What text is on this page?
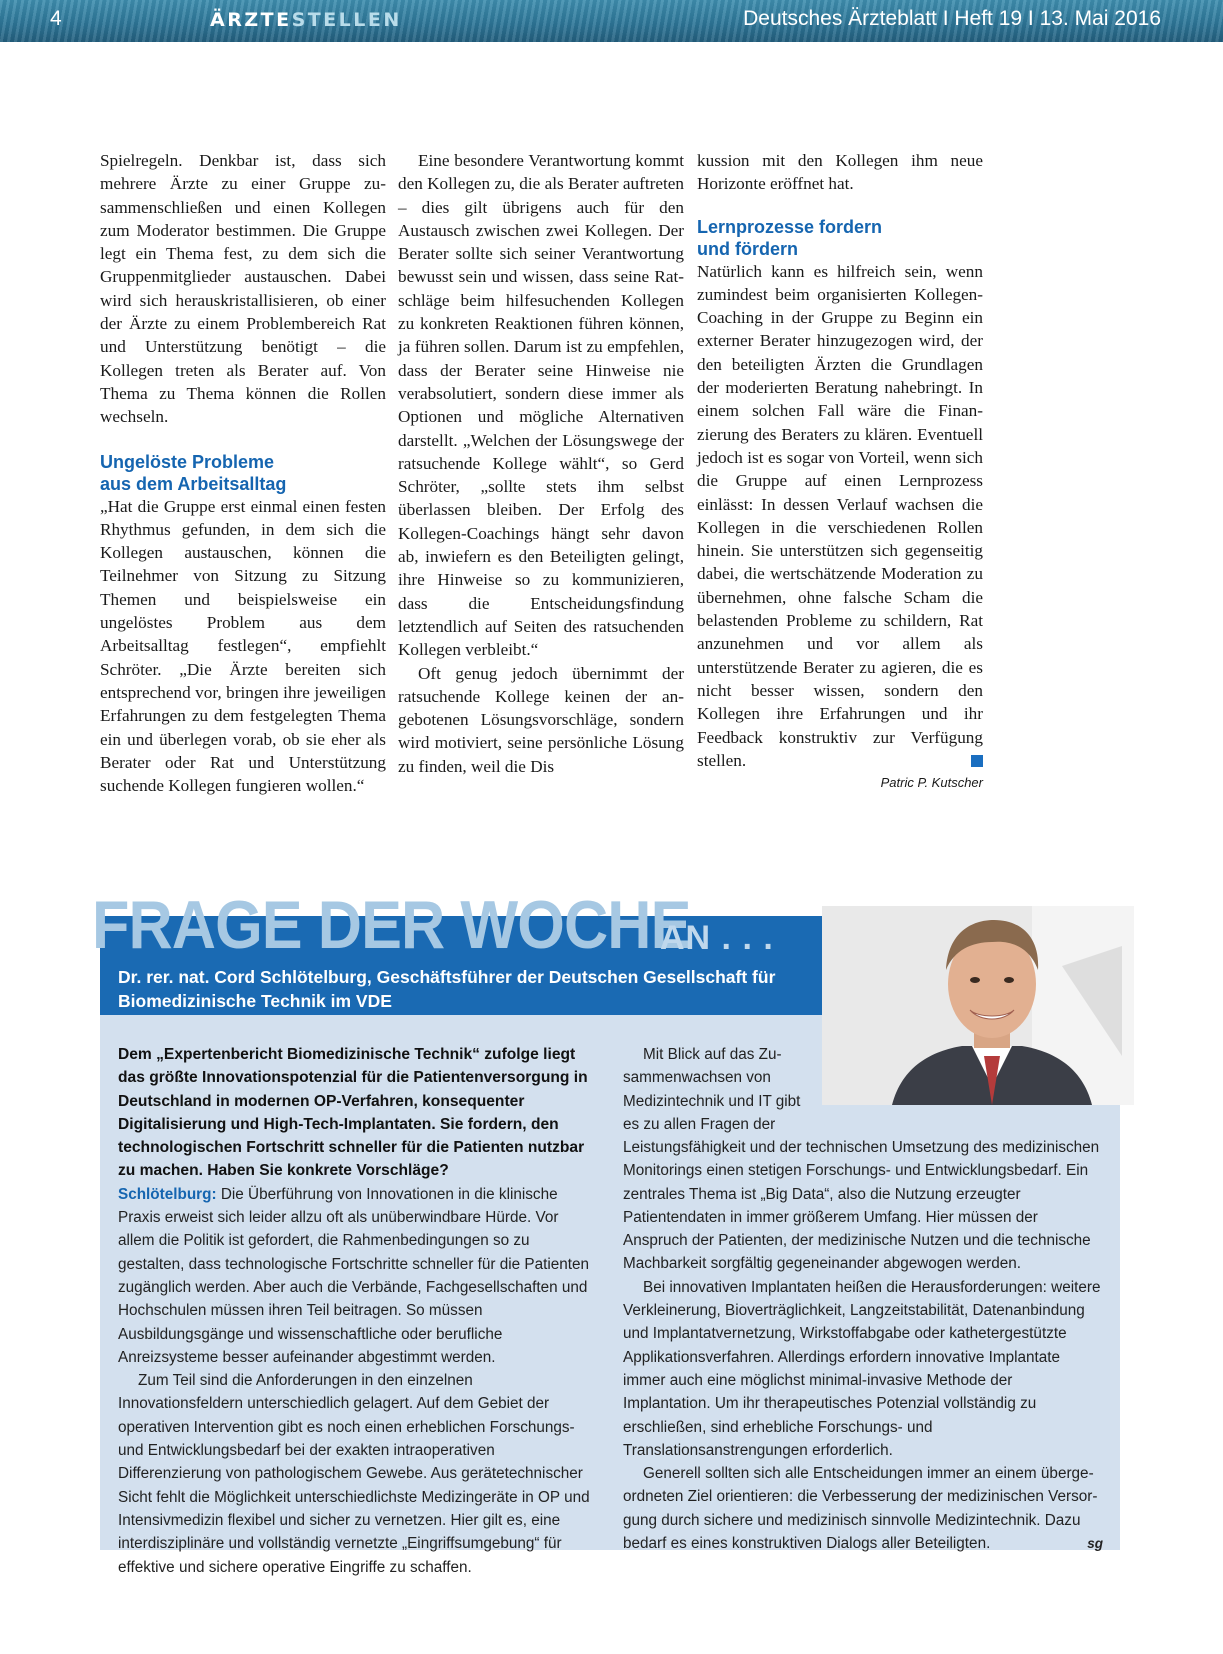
4	ÄRZTESTELLEN	Deutsches Ärzteblatt I Heft 19 I 13. Mai 2016

Spielregeln. Denkbar ist, dass sich mehrere Ärzte zu einer Gruppe zusammenschließen und einen Kollegen zum Moderator bestimmen. Die Gruppe legt ein Thema fest, zu dem sich die Gruppenmitglieder austauschen. Dabei wird sich herauskristallisieren, ob einer der Ärzte zu einem Problembereich Rat und Unterstützung benötigt – die Kollegen treten als Berater auf. Von Thema zu Thema können die Rollen wechseln.

Ungelöste Probleme
aus dem Arbeitsalltag

„Hat die Gruppe erst einmal einen festen Rhythmus gefunden, in dem sich die Kollegen austauschen, können die Teilnehmer von Sitzung zu Sitzung Themen und beispielsweise ein ungelöstes Problem aus dem Arbeitsalltag festlegen“, empfiehlt Schröter. „Die Ärzte bereiten sich entsprechend vor, bringen ihre jeweiligen Erfahrungen zu dem festgelegten Thema ein und überlegen vorab, ob sie eher als Berater oder Rat und Unterstützung suchende Kollegen fungieren wollen.“

Eine besondere Verantwortung kommt den Kollegen zu, die als Berater auftreten – dies gilt übrigens auch für den Austausch zwischen zwei Kollegen. Der Berater sollte sich seiner Verantwortung bewusst sein und wissen, dass seine Ratschläge beim hilfesuchenden Kollegen zu konkreten Reaktionen führen können, ja führen sollen. Darum ist zu empfehlen, dass der Berater seine Hinweise nie verabsolutiert, sondern diese immer als Optionen und mögliche Alternativen darstellt. „Welchen der Lösungswege der ratsuchende Kollege wählt“, so Gerd Schröter, „sollte stets ihm selbst überlassen bleiben. Der Erfolg des Kollegen-Coachings hängt sehr davon ab, inwiefern es den Beteiligten gelingt, ihre Hinweise so zu kommunizieren, dass die Entscheidungsfindung letztendlich auf Seiten des ratsuchenden Kollegen verbleibt.“

Oft genug jedoch übernimmt der ratsuchende Kollege keinen der angebotenen Lösungsvorschläge, sondern wird motiviert, seine persönliche Lösung zu finden, weil die Dis

kussion mit den Kollegen ihm neue Horizonte eröffnet hat.

Lernprozesse fordern
und fördern

Natürlich kann es hilfreich sein, wenn zumindest beim organisierten Kollegen-Coaching in der Gruppe zu Beginn ein externer Berater hinzugezogen wird, der den beteiligten Ärzten die Grundlagen der moderierten Beratung nahebringt. In einem solchen Fall wäre die Finanzierung des Beraters zu klären. Eventuell jedoch ist es sogar von Vorteil, wenn sich die Gruppe auf einen Lernprozess einlässt: In dessen Verlauf wachsen die Kollegen in die verschiedenen Rollen hinein. Sie unterstützen sich gegenseitig dabei, die wertschätzende Moderation zu übernehmen, ohne falsche Scham die belastenden Probleme zu schildern, Rat anzunehmen und vor allem als unterstützende Berater zu agieren, die es nicht besser wissen, sondern den Kollegen ihre Erfahrungen und ihr Feedback konstruktiv zur Verfügung stellen.

Patric P. Kutscher
FRAGE DER WOCHE
AN . . .
Dr. rer. nat. Cord Schlötelburg, Geschäftsführer der Deutschen Gesellschaft für
Biomedizinische Technik im VDE

Dem „Expertenbericht Biomedizinische Technik“ zufolge liegt das größte Innovationspotenzial für die Patientenversorgung in Deutschland in modernen OP-Verfahren, konsequenter Digitalisierung und High-Tech-Implantaten. Sie fordern, den technologischen Fortschritt schneller für die Patienten nutzbar zu machen. Haben Sie konkrete Vorschläge?

Schlötelburg: Die Überführung von Innovationen in die klinische Praxis erweist sich leider allzu oft als unüberwindbare Hürde. Vor allem die Politik ist gefordert, die Rahmenbedingungen so zu gestalten, dass technologische Fortschritte schneller für die Patienten zugänglich werden. Aber auch die Verbände, Fachgesellschaften und Hochschulen müssen ihren Teil beitragen. So müssen Ausbildungsgänge und wissenschaftliche oder berufliche Anreizsysteme besser aufeinander abgestimmt werden.

Zum Teil sind die Anforderungen in den einzelnen Innovationsfeldern unterschiedlich gelagert. Auf dem Gebiet der operativen Intervention gibt es noch einen erheblichen Forschungs- und Entwicklungsbedarf bei der exakten intraoperativen Differenzierung von pathologischem Gewebe. Aus gerätetechnischer Sicht fehlt die Möglichkeit unterschiedlichste Medizingeräte in OP und Intensivmedizin flexibel und sicher zu vernetzen. Hier gilt es, eine interdisziplinäre und vollständig vernetzte „Eingriffsumgebung“ für effektive und sichere operative Eingriffe zu schaffen.

Mit Blick auf das Zusammenwachsen von Medizintechnik und IT gibt es zu allen Fragen der

Leistungsfähigkeit und der technischen Umsetzung des medizinischen Monitorings einen stetigen Forschungs- und Entwicklungsbedarf. Ein zentrales Thema ist „Big Data“, also die Nutzung erzeugter Patientendaten in immer größerem Umfang. Hier müssen der Anspruch der Patienten, der medizinische Nutzen und die technische Machbarkeit sorgfältig gegeneinander abgewogen werden.

Bei innovativen Implantaten heißen die Herausforderungen: weitere Verkleinerung, Bioverträglichkeit, Langzeitstabilität, Datenanbindung und Implantatvernetzung, Wirkstoffabgabe oder kathetergestützte Applikationsverfahren. Allerdings erfordern innovative Implantate immer auch eine möglichst minimal-invasive Methode der Implantation. Um ihr therapeutisches Potenzial vollständig zu erschließen, sind erhebliche Forschungs- und Translationsanstrengungen erforderlich.

Generell sollten sich alle Entscheidungen immer an einem übergeordneten Ziel orientieren: die Verbesserung der medizinischen Versorgung durch sichere und medizinisch sinnvolle Medizintechnik. Dazu bedarf es eines konstruktiven Dialogs aller Beteiligten.	sg
